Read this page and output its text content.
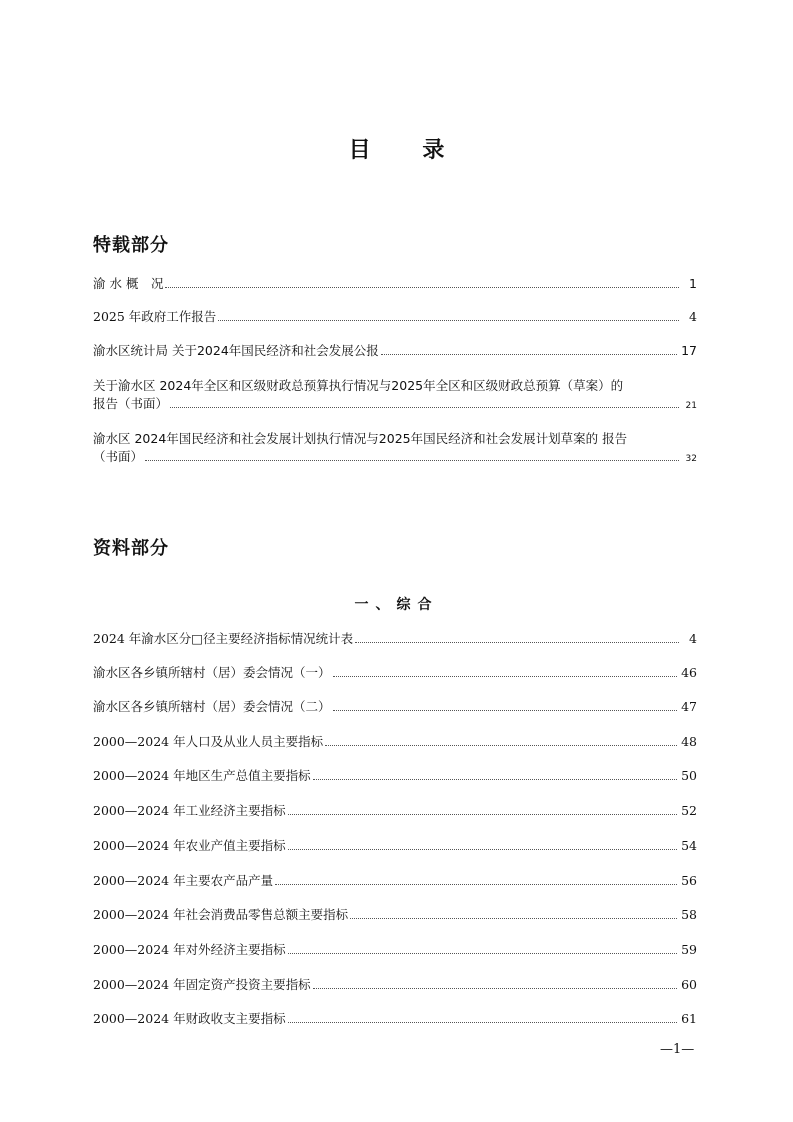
目 录
特载部分
渝 水 概　况	1
2025 年政府工作报告	4
渝水区统计局 关于2024年国民经济和社会发展公报	17
关于渝水区 2024年全区和区级财政总预算执行情况与2025年全区和区级财政总预算（草案）的
报告（书面）	21
渝水区 2024年国民经济和社会发展计划执行情况与2025年国民经济和社会发展计划草案的 报告
（书面）	32
资料部分
一、综合
2024 年渝水区分□径主要经济指标情况统计表	4
渝水区各乡镇所辖村（居）委会情况（一）	46
渝水区各乡镇所辖村（居）委会情况（二）	47
2000—2024 年人口及从业人员主要指标	48
2000—2024 年地区生产总值主要指标	50
2000—2024 年工业经济主要指标	52
2000—2024 年农业产值主要指标	54
2000—2024 年主要农产品产量	56
2000—2024 年社会消费品零售总额主要指标	58
2000—2024 年对外经济主要指标	59
2000—2024 年固定资产投资主要指标	60
2000—2024 年财政收支主要指标	61
—1—
